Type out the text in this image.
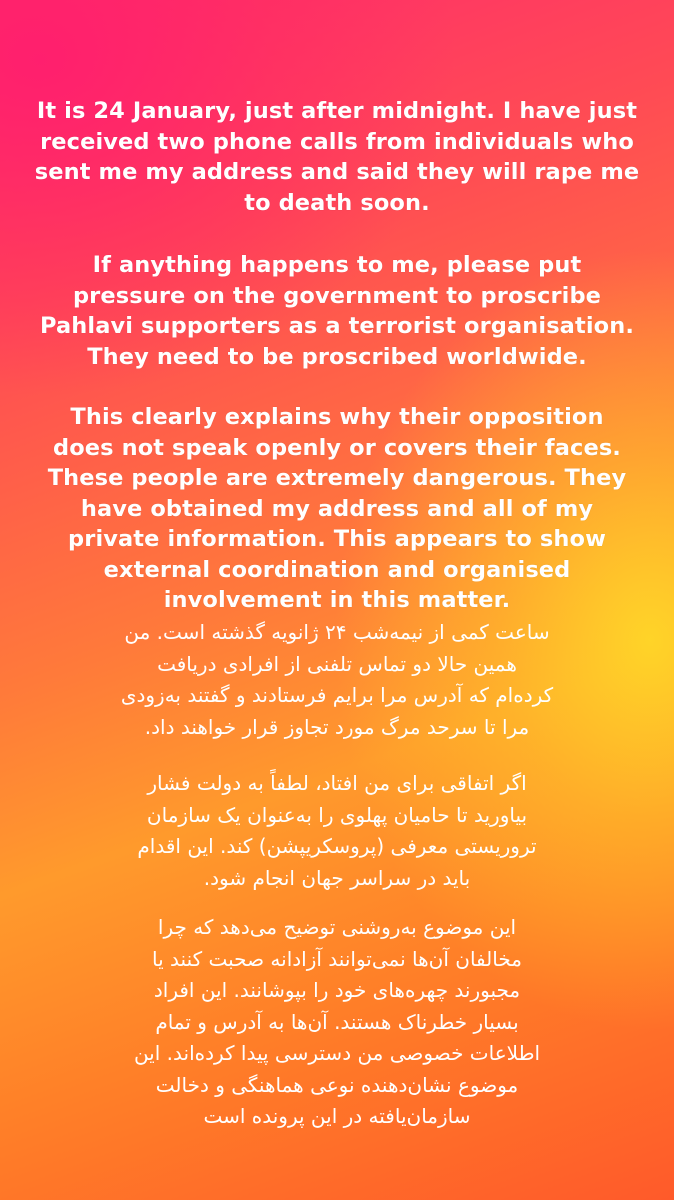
It is 24 January, just after midnight. I have just
received two phone calls from individuals who
sent me my address and said they will rape me
to death soon.
If anything happens to me, please put
pressure on the government to proscribe
Pahlavi supporters as a terrorist organisation.
They need to be proscribed worldwide.
This clearly explains why their opposition
does not speak openly or covers their faces.
These people are extremely dangerous. They
have obtained my address and all of my
private information. This appears to show
external coordination and organised
involvement in this matter.
ساعت کمی از نیمه‌شب ۲۴ ژانویه گذشته است. من
همین حالا دو تماس تلفنی از افرادی دریافت
کرده‌ام که آدرس مرا برایم فرستادند و گفتند به‌زودی
مرا تا سرحد مرگ مورد تجاوز قرار خواهند داد.
اگر اتفاقی برای من افتاد، لطفاً به دولت فشار
بیاورید تا حامیان پهلوی را به‌عنوان یک سازمان
تروریستی معرفی (پروسکریپشن) کند. این اقدام
باید در سراسر جهان انجام شود.
این موضوع به‌روشنی توضیح می‌دهد که چرا
مخالفان آن‌ها نمی‌توانند آزادانه صحبت کنند یا
مجبورند چهره‌های خود را بپوشانند. این افراد
بسیار خطرناک هستند. آن‌ها به آدرس و تمام
اطلاعات خصوصی من دسترسی پیدا کرده‌اند. این
موضوع نشان‌دهنده نوعی هماهنگی و دخالت
سازمان‌یافته در این پرونده است
